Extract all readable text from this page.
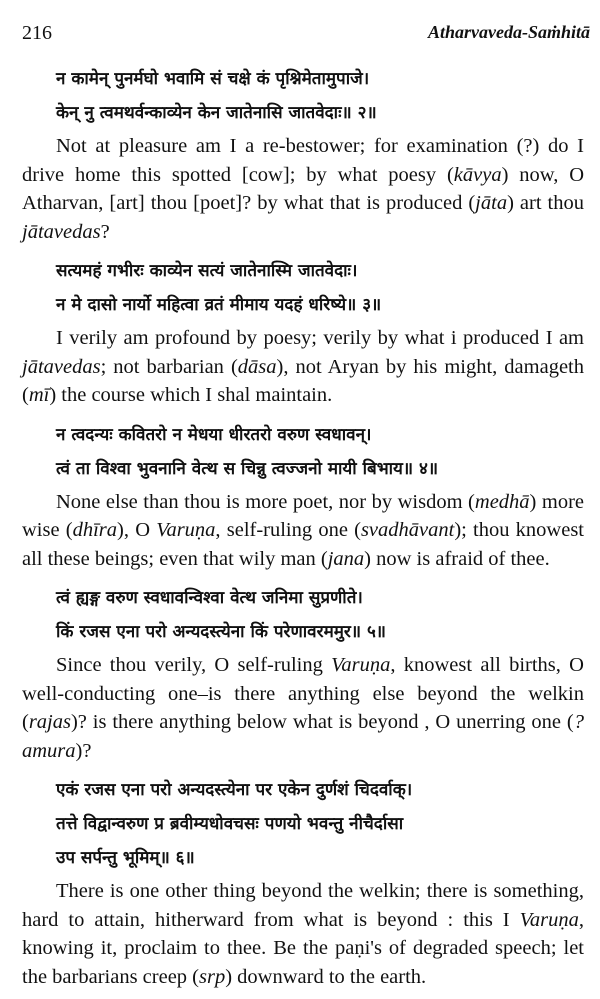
216	Atharvaveda-Saṁhitā
न कामेन् पुनर्मघो भवामि सं चक्षे कं पृश्निमेतामुपाजे।
केन् नु त्वमथर्वन्काव्येन केन जातेनासि जातवेदाः॥ २॥

Not at pleasure am I a re-bestower; for examination (?) do I drive home this spotted [cow]; by what poesy (kāvya) now, O Atharvan, [art] thou [poet]? by what that is produced (jāta) art thou jātavedas?

सत्यमहं गभीरः काव्येन सत्यं जातेनास्मि जातवेदाः।
न मे दासो नार्यो महित्वा व्रतं मीमाय यदहं धरिष्ये॥ ३॥

I verily am profound by poesy; verily by what i produced I am jātavedas; not barbarian (dāsa), not Aryan by his might, damageth (mī) the course which I shal maintain.

न त्वदन्यः कवितरो न मेधया धीरतरो वरुण स्वधावन्।
त्वं ता विश्वा भुवनानि वेत्थ स चिन्नु त्वज्जनो मायी बिभाय॥ ४॥

None else than thou is more poet, nor by wisdom (medhā) more wise (dhīra), O Varuṇa, self-ruling one (svadhāvant); thou knowest all these beings; even that wily man (jana) now is afraid of thee.

त्वं ह्यङ्ग वरुण स्वधावन्विश्वा वेत्थ जनिमा सुप्रणीते।
किं रजस एना परो अन्यदस्त्येना किं परेणावरममुर॥ ५॥

Since thou verily, O self-ruling Varuṇa, knowest all births, O well-conducting one–is there anything else beyond the welkin (rajas)? is there anything below what is beyond , O unerring one (? amura)?

एकं रजस एना परो अन्यदस्त्येना पर एकेन दुर्णशं चिदर्वाक्।
तत्ते विद्वान्वरुण प्र ब्रवीम्यधोवचसः पणयो भवन्तु नीचैर्दासा
उप सर्पन्तु भूमिम्॥ ६॥

There is one other thing beyond the welkin; there is something, hard to attain, hitherward from what is beyond : this I Varuṇa, knowing it, proclaim to thee. Be the paṇi's of degraded speech; let the barbarians creep (srp) downward to the earth.
